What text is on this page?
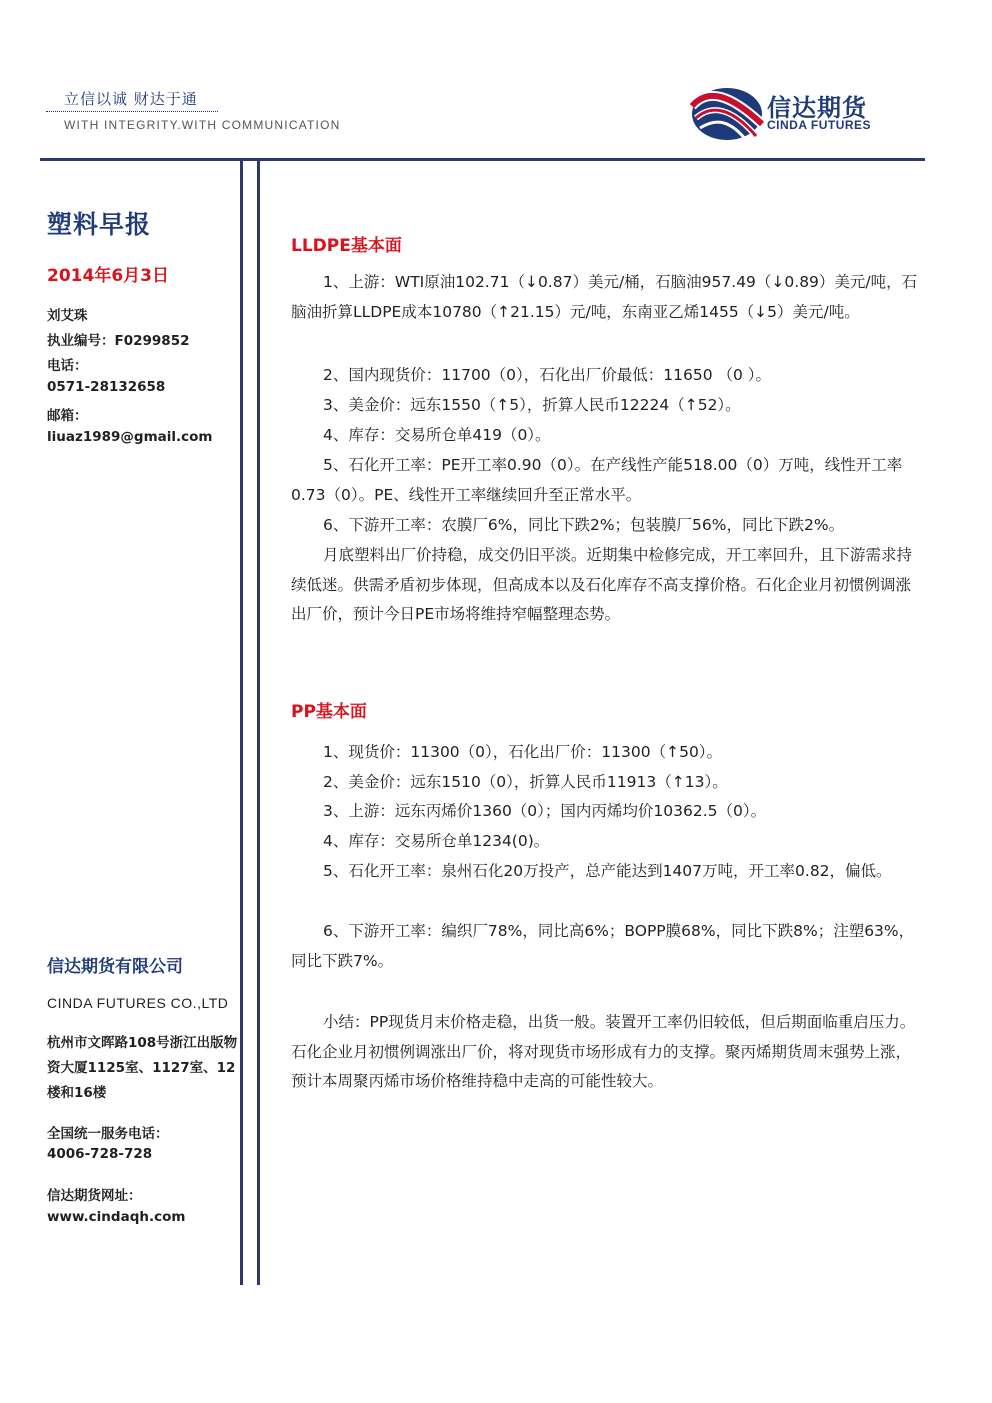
立信以诚 财达于通
WITH INTEGRITY.WITH COMMUNICATION
信达期货
CINDA FUTURES
塑料早报
2014年6月3日
刘艾珠
执业编号：F0299852
电话：
0571-28132658
邮箱：
liuaz1989@gmail.com
信达期货有限公司
CINDA FUTURES CO.,LTD
杭州市文晖路108号浙江出版物资大厦1125室、1127室、12楼和16楼
全国统一服务电话：
4006-728-728
信达期货网址：
www.cindaqh.com
LLDPE基本面

1、上游：WTI原油102.71（↓0.87）美元/桶，石脑油957.49（↓0.89）美元/吨，石脑油折算LLDPE成本10780（↑21.15）元/吨，东南亚乙烯1455（↓5）美元/吨。

2、国内现货价：11700（0），石化出厂价最低：11650 （0 ）。

3、美金价：远东1550（↑5），折算人民币12224（↑52）。

4、库存：交易所仓单419（0）。

5、石化开工率：PE开工率0.90（0）。在产线性产能518.00（0）万吨，线性开工率0.73（0）。PE、线性开工率继续回升至正常水平。

6、下游开工率：农膜厂6%，同比下跌2%；包装膜厂56%，同比下跌2%。

月底塑料出厂价持稳，成交仍旧平淡。近期集中检修完成，开工率回升，且下游需求持续低迷。供需矛盾初步体现，但高成本以及石化库存不高支撑价格。石化企业月初惯例调涨出厂价，预计今日PE市场将维持窄幅整理态势。

PP基本面

1、现货价：11300（0），石化出厂价：11300（↑50）。

2、美金价：远东1510（0），折算人民币11913（↑13）。

3、上游：远东丙烯价1360（0）；国内丙烯均价10362.5（0）。

4、库存：交易所仓单1234(0)。

5、石化开工率：泉州石化20万投产，总产能达到1407万吨，开工率0.82，偏低。

6、下游开工率：编织厂78%，同比高6%；BOPP膜68%，同比下跌8%；注塑63%，同比下跌7%。

小结：PP现货月末价格走稳，出货一般。装置开工率仍旧较低，但后期面临重启压力。石化企业月初惯例调涨出厂价，将对现货市场形成有力的支撑。聚丙烯期货周末强势上涨，预计本周聚丙烯市场价格维持稳中走高的可能性较大。
